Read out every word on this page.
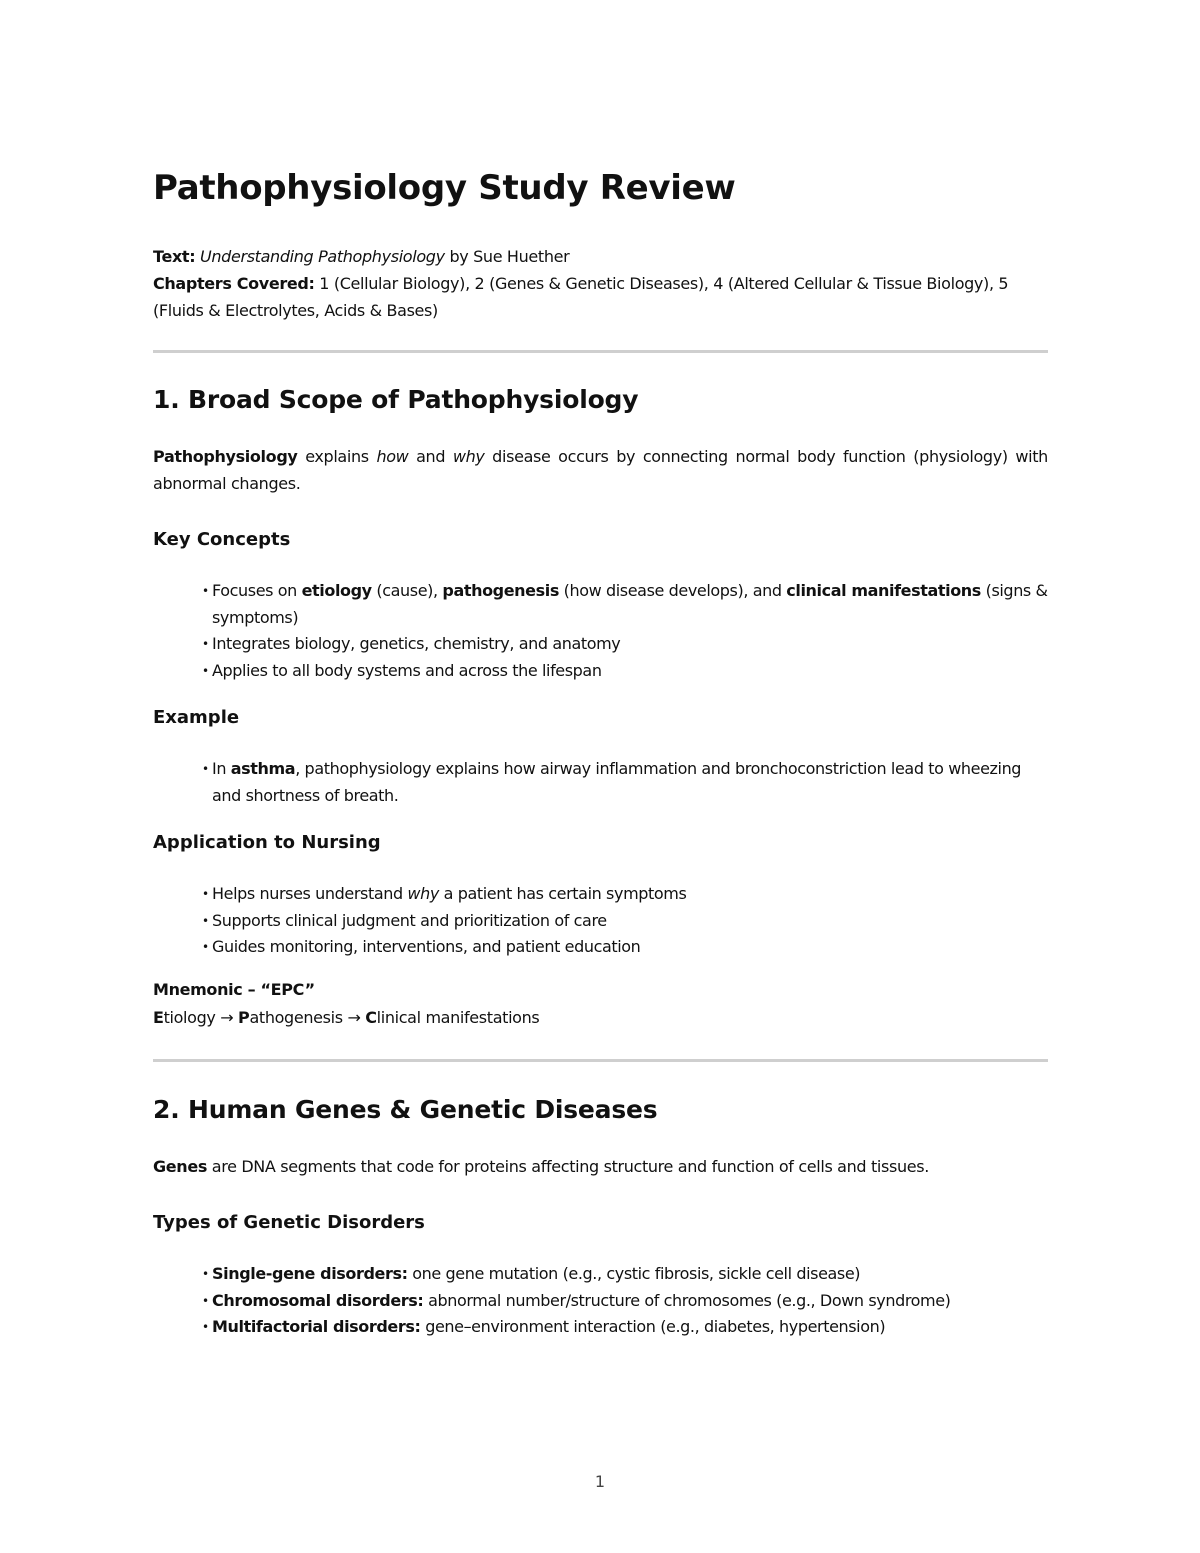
Pathophysiology Study Review
Text: Understanding Pathophysiology by Sue Huether
Chapters Covered: 1 (Cellular Biology), 2 (Genes & Genetic Diseases), 4 (Altered Cellular & Tissue Biology), 5 (Fluids & Electrolytes, Acids & Bases)
1. Broad Scope of Pathophysiology

Pathophysiology explains how and why disease occurs by connecting normal body function (physiology) with abnormal changes.

Key Concepts
• Focuses on etiology (cause), pathogenesis (how disease develops), and clinical manifestations (signs & symptoms)
• Integrates biology, genetics, chemistry, and anatomy
• Applies to all body systems and across the lifespan
Example
• In asthma, pathophysiology explains how airway inflammation and bronchoconstriction lead to wheezing and shortness of breath.
Application to Nursing
• Helps nurses understand why a patient has certain symptoms
• Supports clinical judgment and prioritization of care
• Guides monitoring, interventions, and patient education
Mnemonic – “EPC”
Etiology → Pathogenesis → Clinical manifestations
2. Human Genes & Genetic Diseases

Genes are DNA segments that code for proteins affecting structure and function of cells and tissues.

Types of Genetic Disorders
• Single-gene disorders: one gene mutation (e.g., cystic fibrosis, sickle cell disease)
• Chromosomal disorders: abnormal number/structure of chromosomes (e.g., Down syndrome)
• Multifactorial disorders: gene–environment interaction (e.g., diabetes, hypertension)
1
